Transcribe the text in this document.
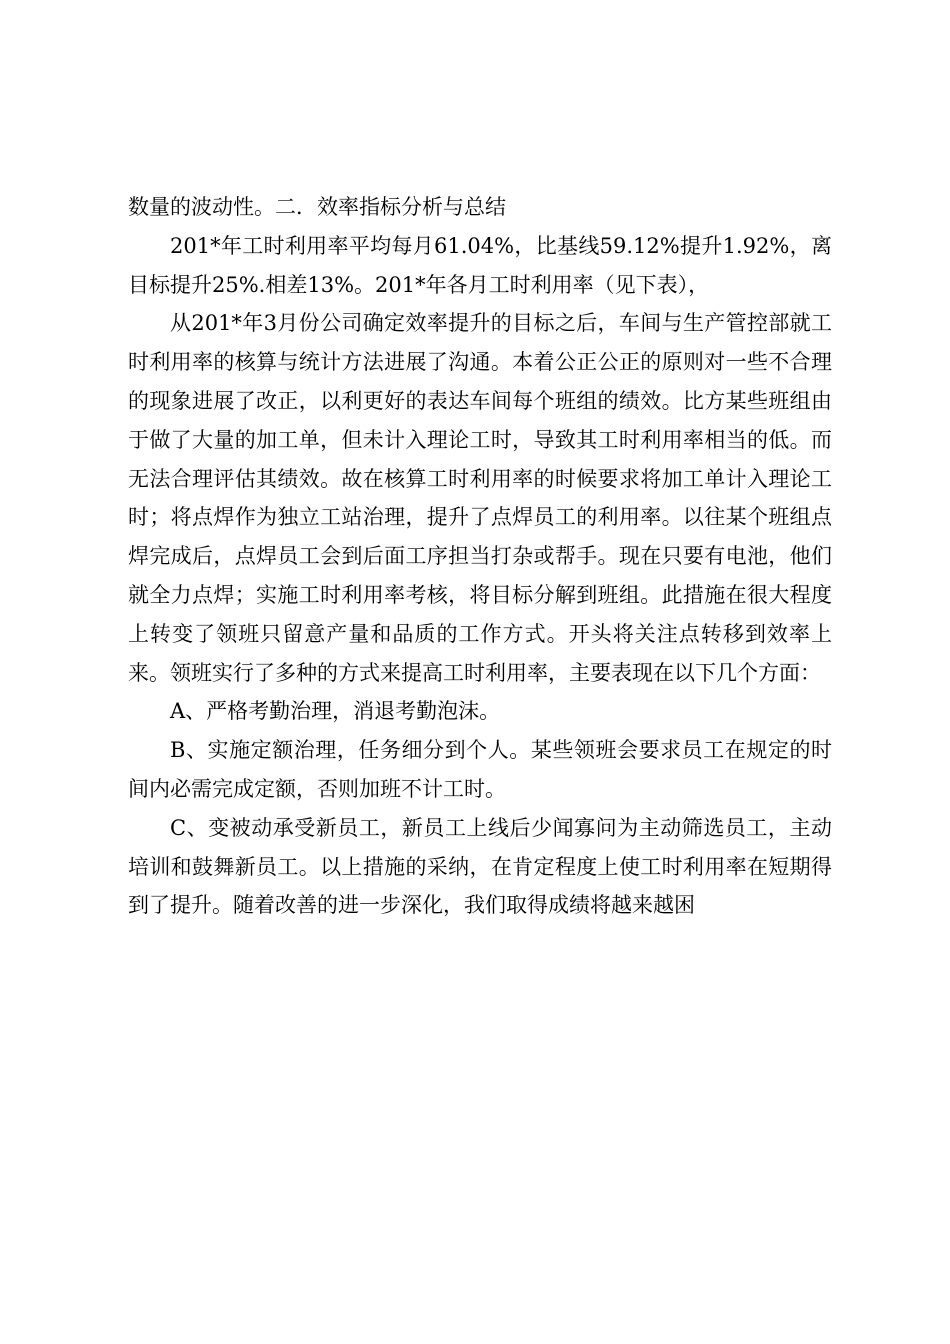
数量的波动性。二．效率指标分析与总结

201*年工时利用率平均每月61.04%，比基线59.12%提升1.92%，离目标提升25%.相差13%。201*年各月工时利用率（见下表），

从201*年3月份公司确定效率提升的目标之后，车间与生产管控部就工时利用率的核算与统计方法进展了沟通。本着公正公正的原则对一些不合理的现象进展了改正，以利更好的表达车间每个班组的绩效。比方某些班组由于做了大量的加工单，但未计入理论工时，导致其工时利用率相当的低。而无法合理评估其绩效。故在核算工时利用率的时候要求将加工单计入理论工时；将点焊作为独立工站治理，提升了点焊员工的利用率。以往某个班组点焊完成后，点焊员工会到后面工序担当打杂或帮手。现在只要有电池，他们就全力点焊；实施工时利用率考核，将目标分解到班组。此措施在很大程度上转变了领班只留意产量和品质的工作方式。开头将关注点转移到效率上来。领班实行了多种的方式来提高工时利用率，主要表现在以下几个方面：

A、严格考勤治理，消退考勤泡沫。

B、实施定额治理，任务细分到个人。某些领班会要求员工在规定的时间内必需完成定额，否则加班不计工时。

C、变被动承受新员工，新员工上线后少闻寡问为主动筛选员工，主动培训和鼓舞新员工。以上措施的采纳，在肯定程度上使工时利用率在短期得到了提升。随着改善的进一步深化，我们取得成绩将越来越困
